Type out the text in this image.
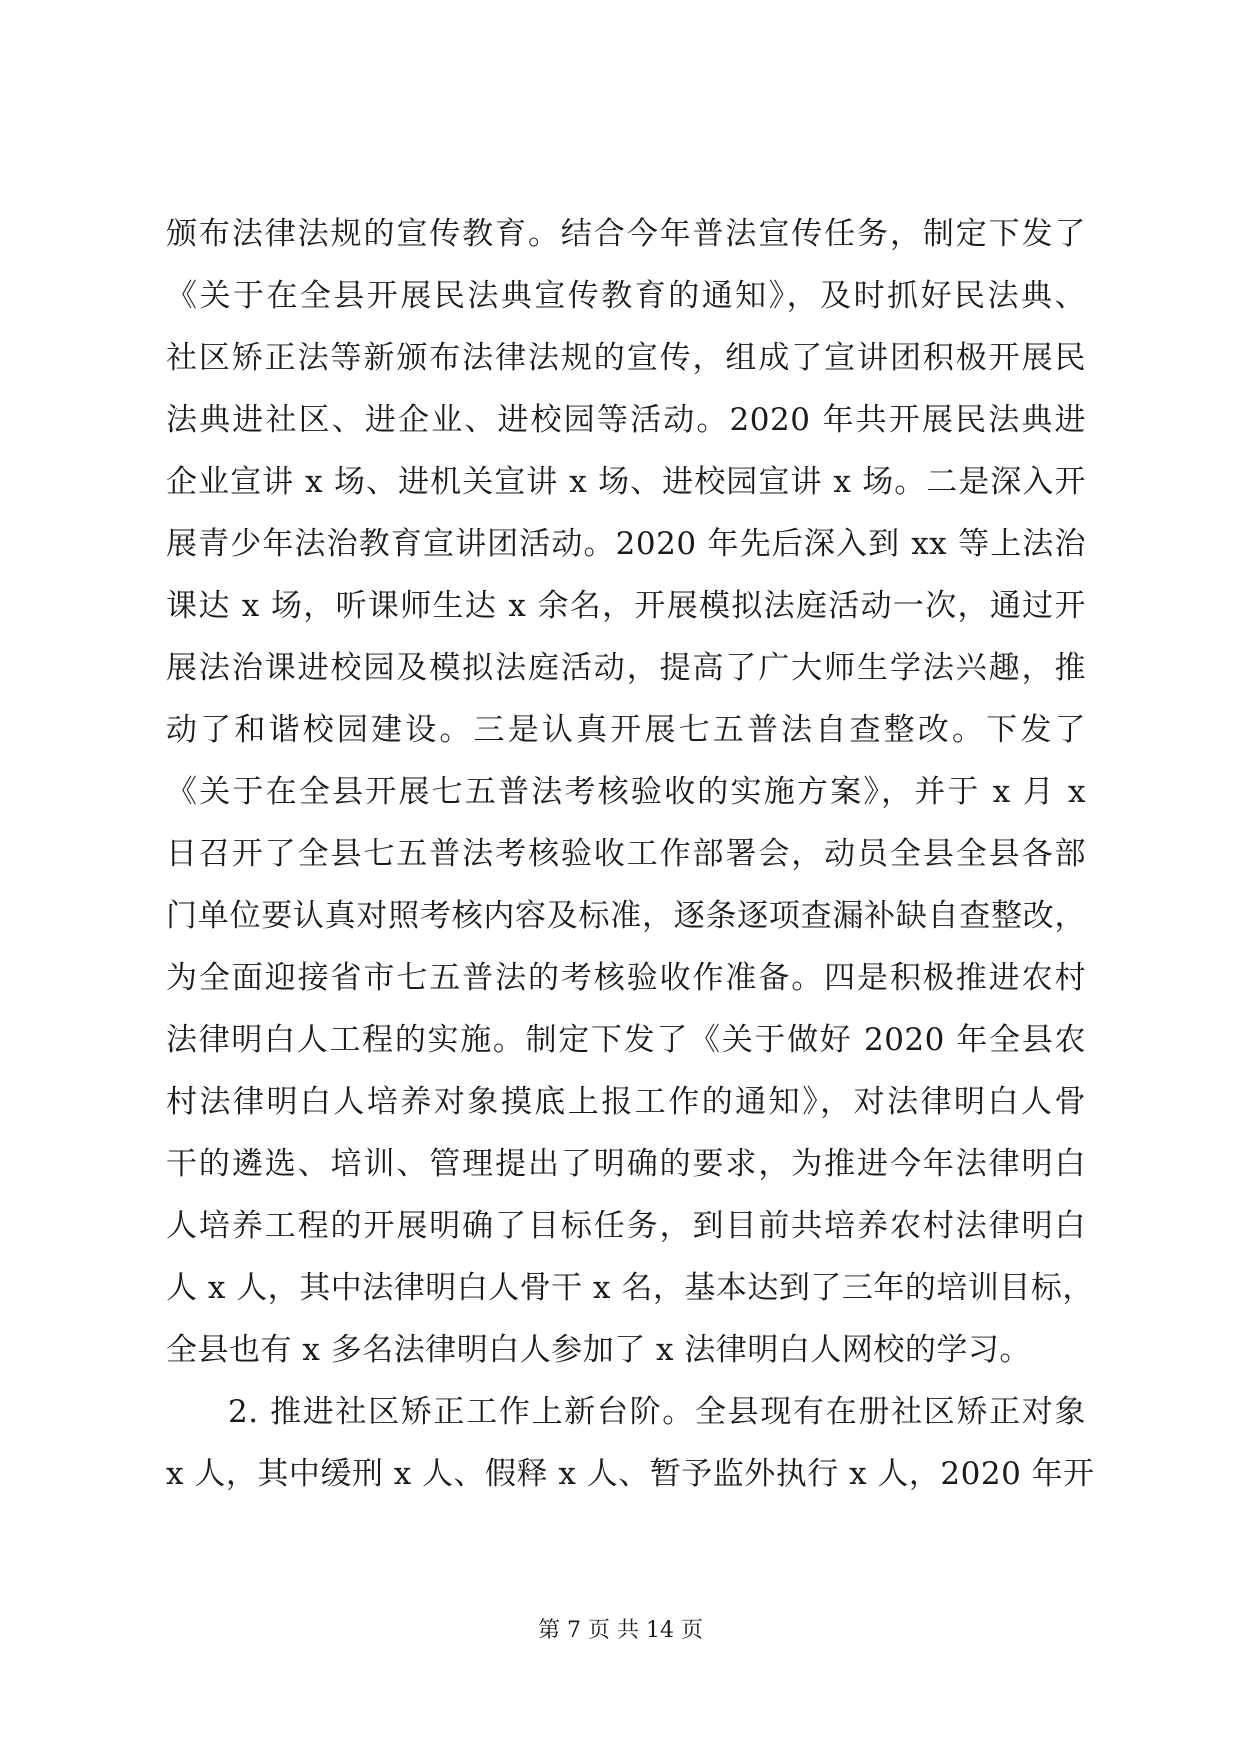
颁布法律法规的宣传教育。结合今年普法宣传任务，制定下发了
《关于在全县开展民法典宣传教育的通知》，及时抓好民法典、
社区矫正法等新颁布法律法规的宣传，组成了宣讲团积极开展民
法典进社区、进企业、进校园等活动。2020 年共开展民法典进
企业宣讲 x 场、进机关宣讲 x 场、进校园宣讲 x 场。二是深入开
展青少年法治教育宣讲团活动。2020 年先后深入到 xx 等上法治
课达 x 场，听课师生达 x 余名，开展模拟法庭活动一次，通过开
展法治课进校园及模拟法庭活动，提高了广大师生学法兴趣，推
动了和谐校园建设。三是认真开展七五普法自查整改。下发了
《关于在全县开展七五普法考核验收的实施方案》，并于 x 月 x
日召开了全县七五普法考核验收工作部署会，动员全县全县各部
门单位要认真对照考核内容及标准，逐条逐项查漏补缺自查整改，
为全面迎接省市七五普法的考核验收作准备。四是积极推进农村
法律明白人工程的实施。制定下发了《关于做好 2020 年全县农
村法律明白人培养对象摸底上报工作的通知》，对法律明白人骨
干的遴选、培训、管理提出了明确的要求，为推进今年法律明白
人培养工程的开展明确了目标任务，到目前共培养农村法律明白
人 x 人，其中法律明白人骨干 x 名，基本达到了三年的培训目标，
全县也有 x 多名法律明白人参加了 x 法律明白人网校的学习。
2. 推进社区矫正工作上新台阶。全县现有在册社区矫正对象
x 人，其中缓刑 x 人、假释 x 人、暂予监外执行 x 人，2020 年开
第 7 页 共 14 页
